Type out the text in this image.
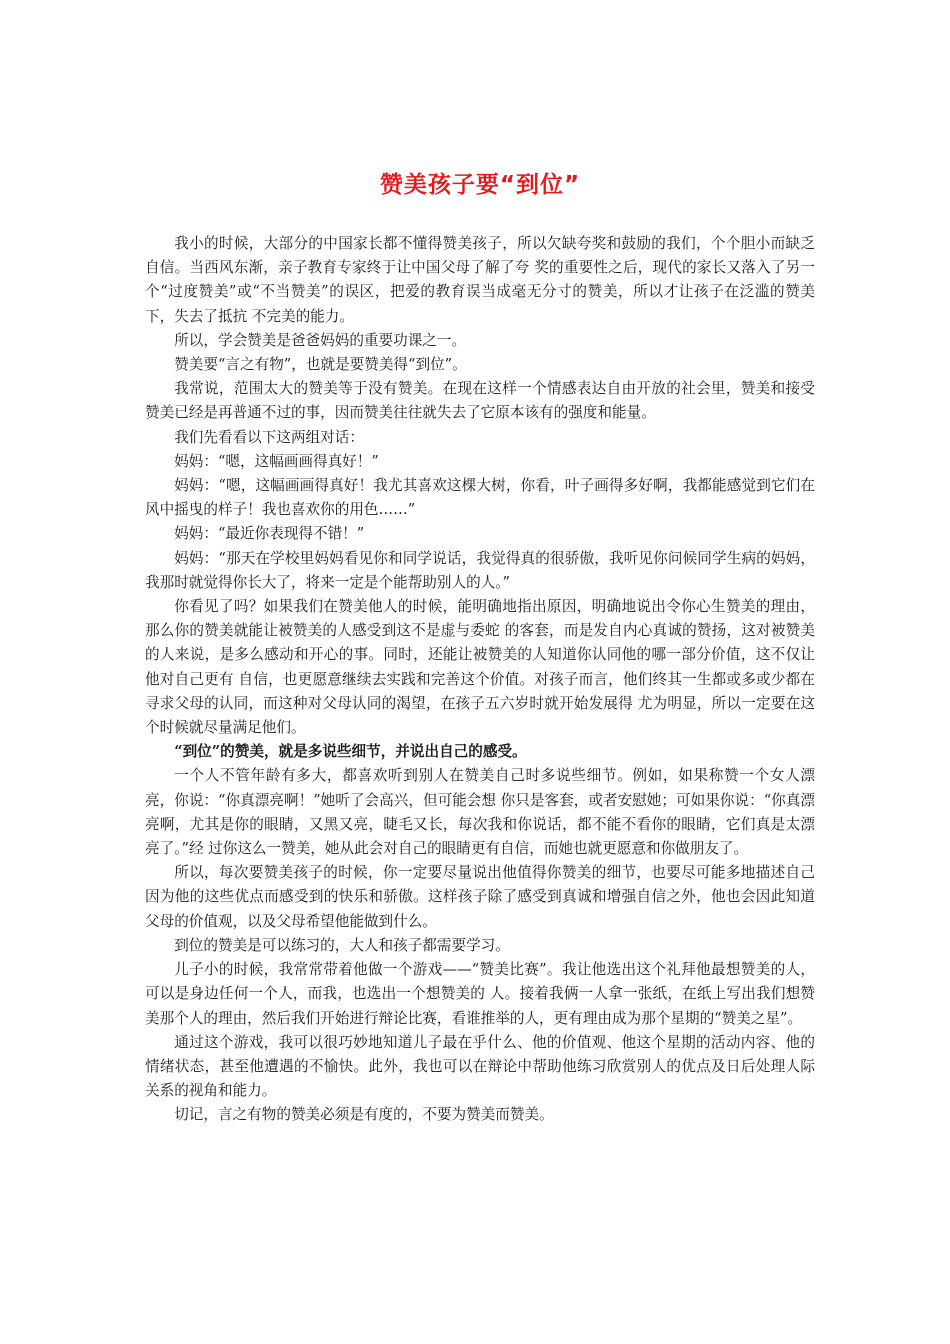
赞美孩子要“到位”

我小的时候，大部分的中国家长都不懂得赞美孩子，所以欠缺夸奖和鼓励的我们，个个胆小而缺乏自信。当西风东渐，亲子教育专家终于让中国父母了解了夸 奖的重要性之后，现代的家长又落入了另一个“过度赞美”或“不当赞美”的误区，把爱的教育误当成毫无分寸的赞美，所以才让孩子在泛滥的赞美下，失去了抵抗 不完美的能力。

所以，学会赞美是爸爸妈妈的重要功课之一。

赞美要“言之有物”，也就是要赞美得“到位”。

我常说，范围太大的赞美等于没有赞美。在现在这样一个情感表达自由开放的社会里，赞美和接受赞美已经是再普通不过的事，因而赞美往往就失去了它原本该有的强度和能量。

我们先看看以下这两组对话：

妈妈：“嗯，这幅画画得真好！”

妈妈：“嗯，这幅画画得真好！我尤其喜欢这棵大树，你看，叶子画得多好啊，我都能感觉到它们在风中摇曳的样子！我也喜欢你的用色……”

妈妈：“最近你表现得不错！”

妈妈：“那天在学校里妈妈看见你和同学说话，我觉得真的很骄傲，我听见你问候同学生病的妈妈，我那时就觉得你长大了，将来一定是个能帮助别人的人。”

你看见了吗？如果我们在赞美他人的时候，能明确地指出原因，明确地说出令你心生赞美的理由，那么你的赞美就能让被赞美的人感受到这不是虚与委蛇 的客套，而是发自内心真诚的赞扬，这对被赞美的人来说，是多么感动和开心的事。同时，还能让被赞美的人知道你认同他的哪一部分价值，这不仅让他对自己更有 自信，也更愿意继续去实践和完善这个价值。对孩子而言，他们终其一生都或多或少都在寻求父母的认同，而这种对父母认同的渴望，在孩子五六岁时就开始发展得 尤为明显，所以一定要在这个时候就尽量满足他们。

“到位”的赞美，就是多说些细节，并说出自己的感受。

一个人不管年龄有多大，都喜欢听到别人在赞美自己时多说些细节。例如，如果称赞一个女人漂亮，你说：“你真漂亮啊！”她听了会高兴，但可能会想 你只是客套，或者安慰她；可如果你说：“你真漂亮啊，尤其是你的眼睛，又黑又亮，睫毛又长，每次我和你说话，都不能不看你的眼睛，它们真是太漂亮了。”经 过你这么一赞美，她从此会对自己的眼睛更有自信，而她也就更愿意和你做朋友了。

所以，每次要赞美孩子的时候，你一定要尽量说出他值得你赞美的细节，也要尽可能多地描述自己因为他的这些优点而感受到的快乐和骄傲。这样孩子除了感受到真诚和增强自信之外，他也会因此知道父母的价值观，以及父母希望他能做到什么。

到位的赞美是可以练习的，大人和孩子都需要学习。

儿子小的时候，我常常带着他做一个游戏——“赞美比赛”。我让他选出这个礼拜他最想赞美的人，可以是身边任何一个人，而我，也选出一个想赞美的 人。接着我俩一人拿一张纸，在纸上写出我们想赞美那个人的理由，然后我们开始进行辩论比赛，看谁推举的人，更有理由成为那个星期的“赞美之星”。

通过这个游戏，我可以很巧妙地知道儿子最在乎什么、他的价值观、他这个星期的活动内容、他的情绪状态，甚至他遭遇的不愉快。此外，我也可以在辩论中帮助他练习欣赏别人的优点及日后处理人际关系的视角和能力。

切记，言之有物的赞美必须是有度的，不要为赞美而赞美。
